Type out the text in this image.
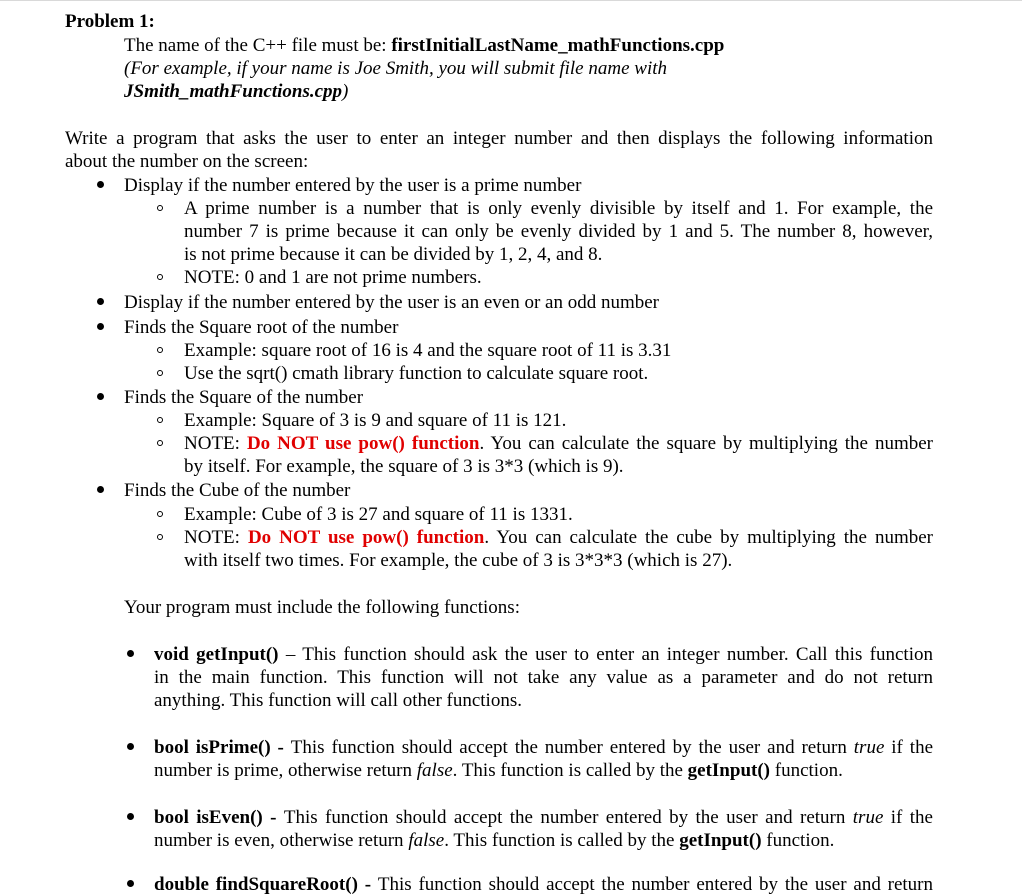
Problem 1:
The name of the C++ file must be: firstInitialLastName_mathFunctions.cpp
(For example, if your name is Joe Smith, you will submit file name with
JSmith_mathFunctions.cpp)
Write a program that asks the user to enter an integer number and then displays the following information
about the number on the screen:
Display if the number entered by the user is a prime number
A prime number is a number that is only evenly divisible by itself and 1. For example, the
number 7 is prime because it can only be evenly divided by 1 and 5. The number 8, however,
is not prime because it can be divided by 1, 2, 4, and 8.
NOTE: 0 and 1 are not prime numbers.
Display if the number entered by the user is an even or an odd number
Finds the Square root of the number
Example: square root of 16 is 4 and the square root of 11 is 3.31
Use the sqrt() cmath library function to calculate square root.
Finds the Square of the number
Example: Square of 3 is 9 and square of 11 is 121.
NOTE: Do NOT use pow() function. You can calculate the square by multiplying the number
by itself. For example, the square of 3 is 3*3 (which is 9).
Finds the Cube of the number
Example: Cube of 3 is 27 and square of 11 is 1331.
NOTE: Do NOT use pow() function. You can calculate the cube by multiplying the number
with itself two times. For example, the cube of 3 is 3*3*3 (which is 27).
Your program must include the following functions:
void getInput() – This function should ask the user to enter an integer number. Call this function
in the main function. This function will not take any value as a parameter and do not return
anything. This function will call other functions.
bool isPrime() - This function should accept the number entered by the user and return true if the
number is prime, otherwise return false. This function is called by the getInput() function.
bool isEven() - This function should accept the number entered by the user and return true if the
number is even, otherwise return false. This function is called by the getInput() function.
double findSquareRoot() - This function should accept the number entered by the user and return
